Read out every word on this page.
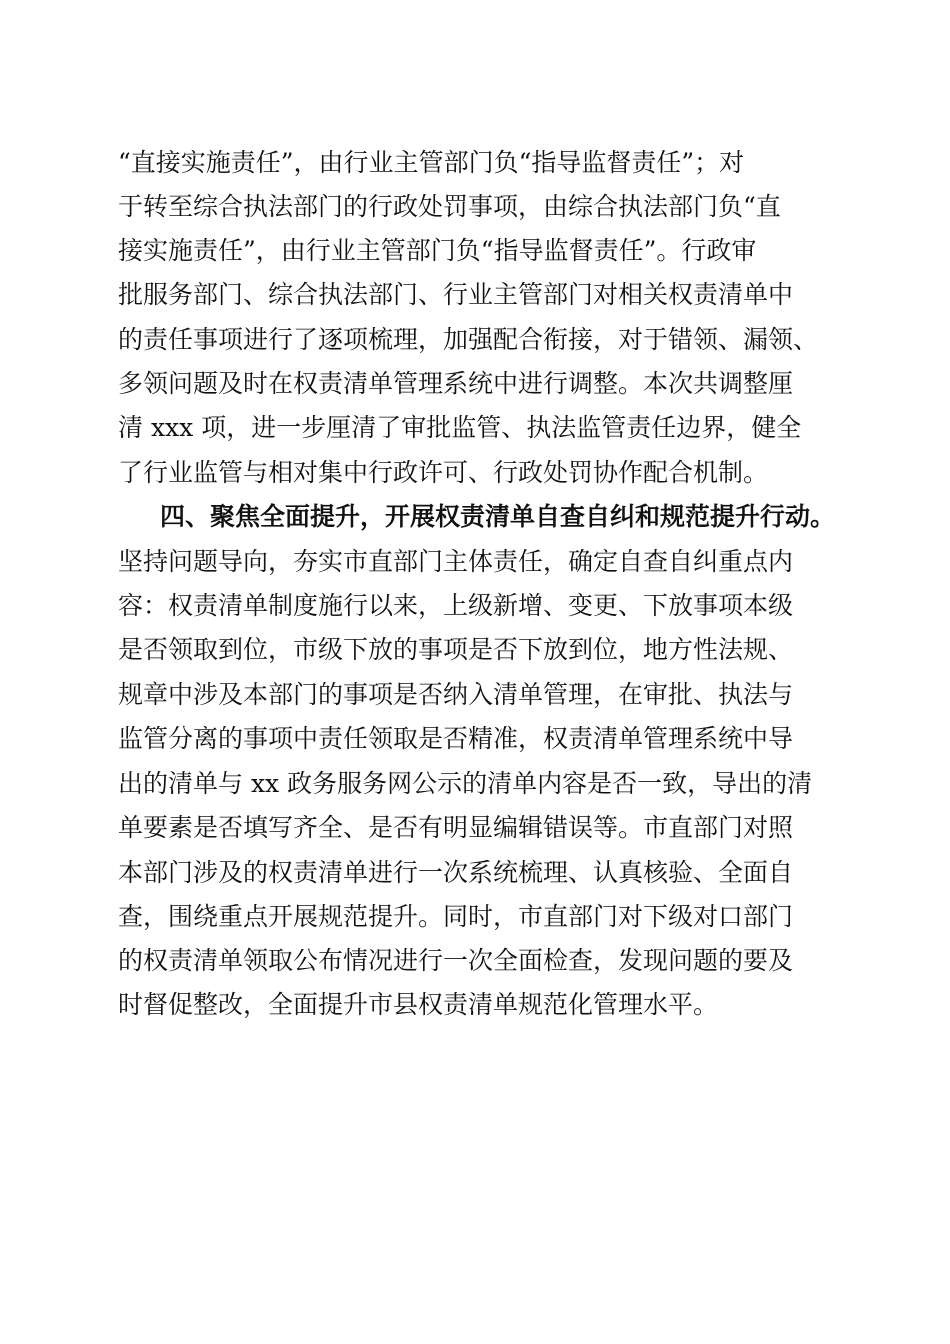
“直接实施责任”，由行业主管部门负“指导监督责任”；对
于转至综合执法部门的行政处罚事项，由综合执法部门负“直
接实施责任”，由行业主管部门负“指导监督责任”。行政审
批服务部门、综合执法部门、行业主管部门对相关权责清单中
的责任事项进行了逐项梳理，加强配合衔接，对于错领、漏领、
多领问题及时在权责清单管理系统中进行调整。本次共调整厘
清 xxx 项，进一步厘清了审批监管、执法监管责任边界，健全
了行业监管与相对集中行政许可、行政处罚协作配合机制。
四、聚焦全面提升，开展权责清单自查自纠和规范提升行动。
坚持问题导向，夯实市直部门主体责任，确定自查自纠重点内
容：权责清单制度施行以来，上级新增、变更、下放事项本级
是否领取到位，市级下放的事项是否下放到位，地方性法规、
规章中涉及本部门的事项是否纳入清单管理，在审批、执法与
监管分离的事项中责任领取是否精准，权责清单管理系统中导
出的清单与 xx 政务服务网公示的清单内容是否一致，导出的清
单要素是否填写齐全、是否有明显编辑错误等。市直部门对照
本部门涉及的权责清单进行一次系统梳理、认真核验、全面自
查，围绕重点开展规范提升。同时，市直部门对下级对口部门
的权责清单领取公布情况进行一次全面检查，发现问题的要及
时督促整改，全面提升市县权责清单规范化管理水平。
